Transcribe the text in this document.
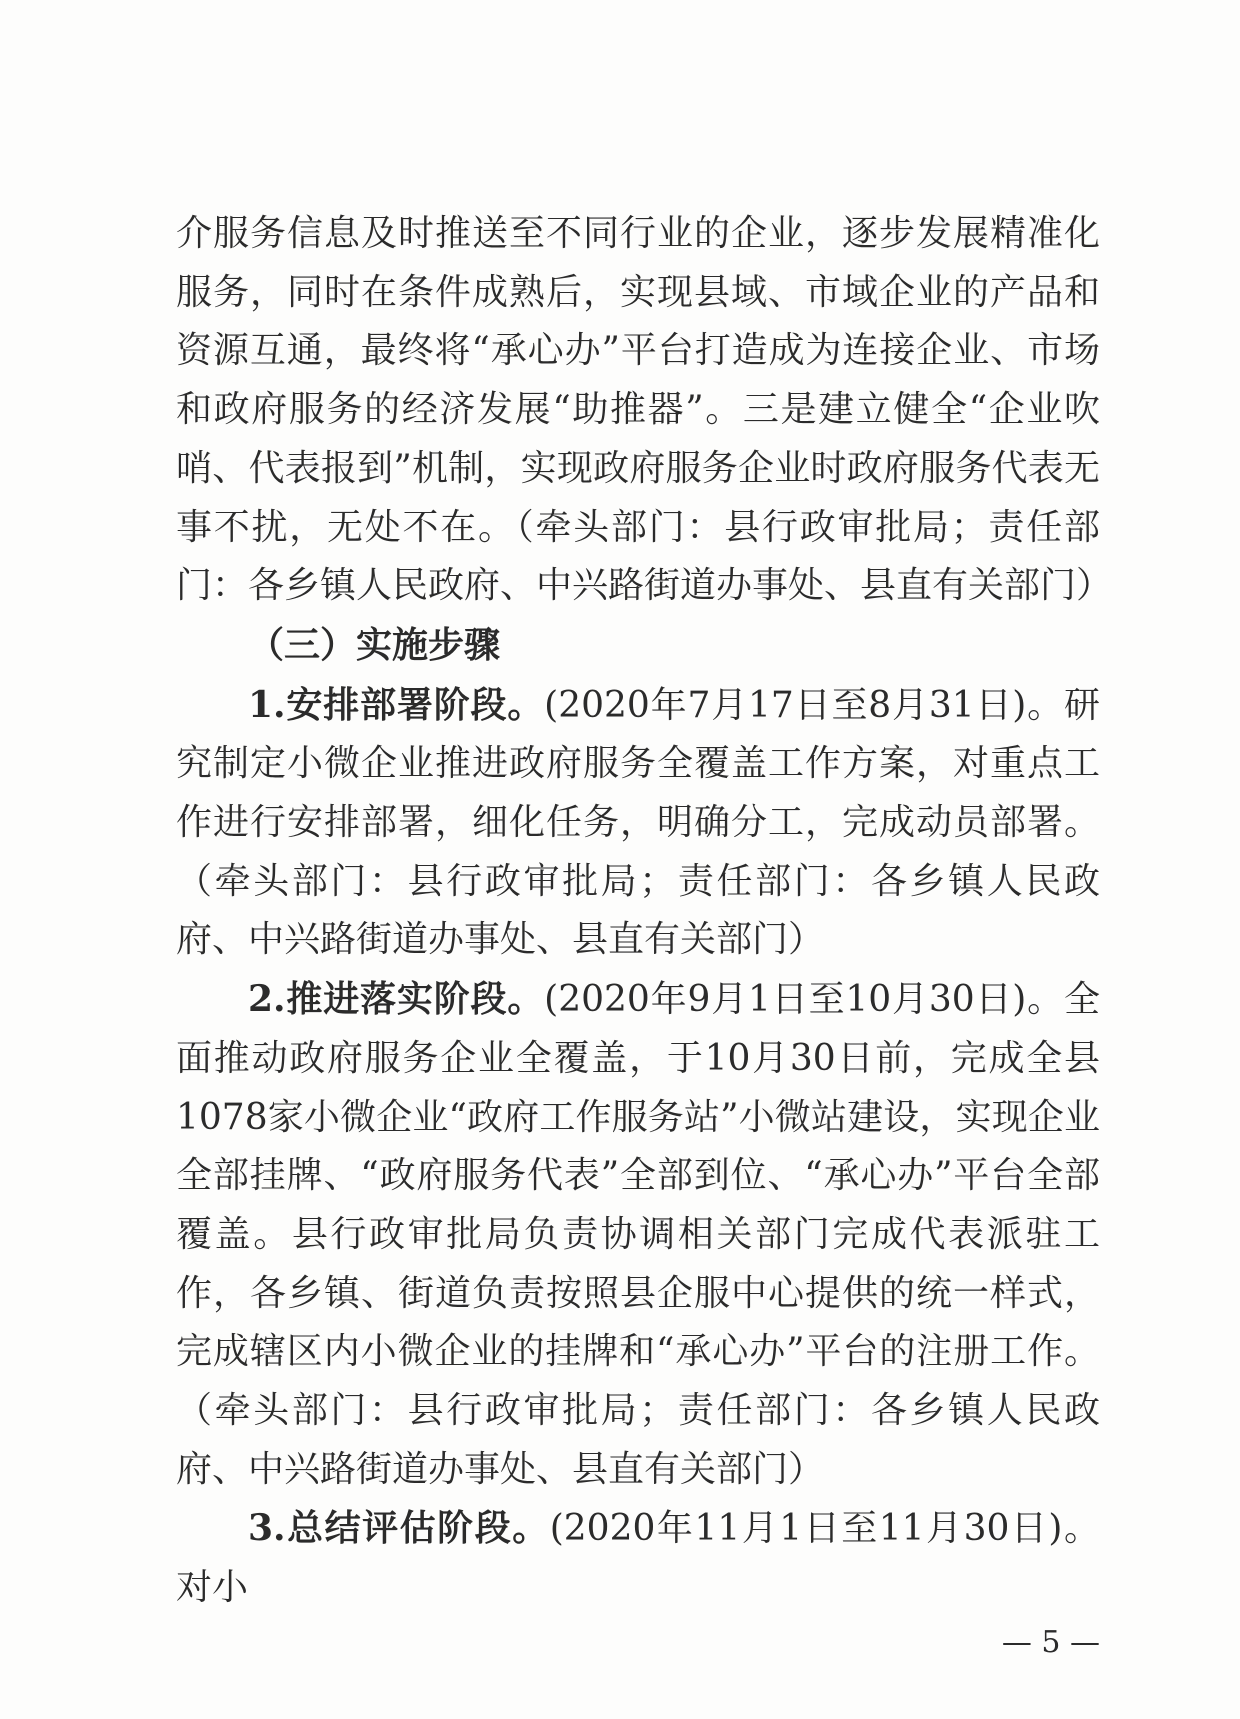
介服务信息及时推送至不同行业的企业，逐步发展精准化服务，同时在条件成熟后，实现县域、市域企业的产品和资源互通，最终将“承心办”平台打造成为连接企业、市场和政府服务的经济发展“助推器”。三是建立健全“企业吹哨、代表报到”机制，实现政府服务企业时政府服务代表无事不扰，无处不在。（牵头部门：县行政审批局；责任部门：各乡镇人民政府、中兴路街道办事处、县直有关部门）

（三）实施步骤

1.安排部署阶段。(2020年7月17日至8月31日)。研究制定小微企业推进政府服务全覆盖工作方案，对重点工作进行安排部署，细化任务，明确分工，完成动员部署。（牵头部门：县行政审批局；责任部门：各乡镇人民政府、中兴路街道办事处、县直有关部门）

2.推进落实阶段。(2020年9月1日至10月30日)。全面推动政府服务企业全覆盖，于10月30日前，完成全县1078家小微企业“政府工作服务站”小微站建设，实现企业全部挂牌、“政府服务代表”全部到位、“承心办”平台全部覆盖。县行政审批局负责协调相关部门完成代表派驻工作，各乡镇、街道负责按照县企服中心提供的统一样式，完成辖区内小微企业的挂牌和“承心办”平台的注册工作。（牵头部门：县行政审批局；责任部门：各乡镇人民政府、中兴路街道办事处、县直有关部门）

3.总结评估阶段。(2020年11月1日至11月30日)。对小

— 5 —
